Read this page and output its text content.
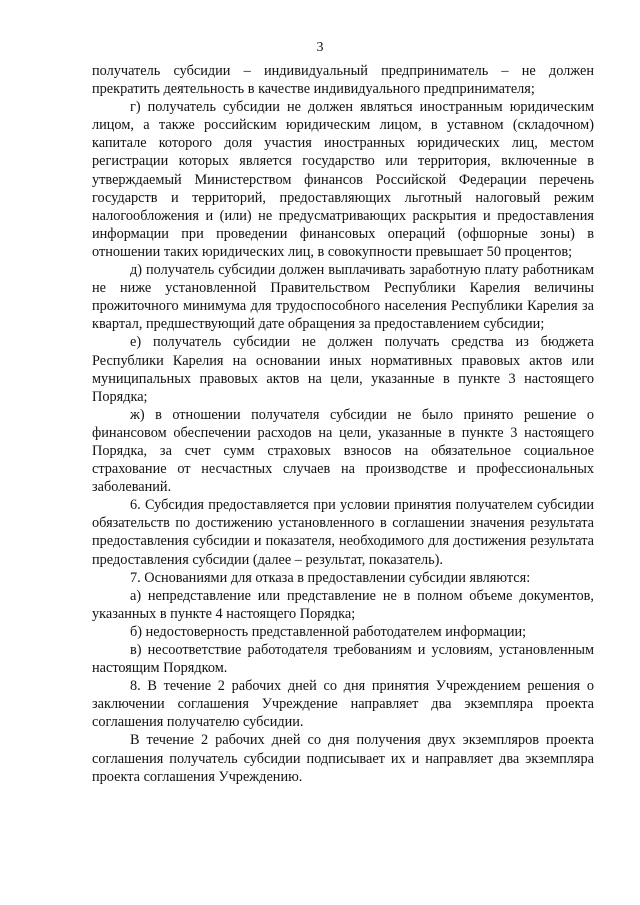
3

получатель субсидии – индивидуальный предприниматель – не должен прекратить деятельность в качестве индивидуального предпринимателя;

г) получатель субсидии не должен являться иностранным юридическим лицом, а также российским юридическим лицом, в уставном (складочном) капитале которого доля участия иностранных юридических лиц, местом регистрации которых является государство или территория, включенные в утверждаемый Министерством финансов Российской Федерации перечень государств и территорий, предоставляющих льготный налоговый режим налогообложения и (или) не предусматривающих раскрытия и предоставления информации при проведении финансовых операций (офшорные зоны) в отношении таких юридических лиц, в совокупности превышает 50 процентов;

д) получатель субсидии должен выплачивать заработную плату работникам не ниже установленной Правительством Республики Карелия величины прожиточного минимума для трудоспособного населения Республики Карелия за квартал, предшествующий дате обращения за предоставлением субсидии;

е) получатель субсидии не должен получать средства из бюджета Республики Карелия на основании иных нормативных правовых актов или муниципальных правовых актов на цели, указанные в пункте 3 настоящего Порядка;

ж) в отношении получателя субсидии не было принято решение о финансовом обеспечении расходов на цели, указанные в пункте 3 настоящего Порядка, за счет сумм страховых взносов на обязательное социальное страхование от несчастных случаев на производстве и профессиональных заболеваний.

6. Субсидия предоставляется при условии принятия получателем субсидии обязательств по достижению установленного в соглашении значения результата предоставления субсидии и показателя, необходимого для достижения результата предоставления субсидии (далее – результат, показатель).

7. Основаниями для отказа в предоставлении субсидии являются:

а) непредставление или представление не в полном объеме документов, указанных в пункте 4 настоящего Порядка;

б) недостоверность представленной работодателем информации;

в) несоответствие работодателя требованиям и условиям, установленным настоящим Порядком.

8. В течение 2 рабочих дней со дня принятия Учреждением решения о заключении соглашения Учреждение направляет два экземпляра проекта соглашения получателю субсидии.

В течение 2 рабочих дней со дня получения двух экземпляров проекта соглашения получатель субсидии подписывает их и направляет два экземпляра проекта соглашения Учреждению.
